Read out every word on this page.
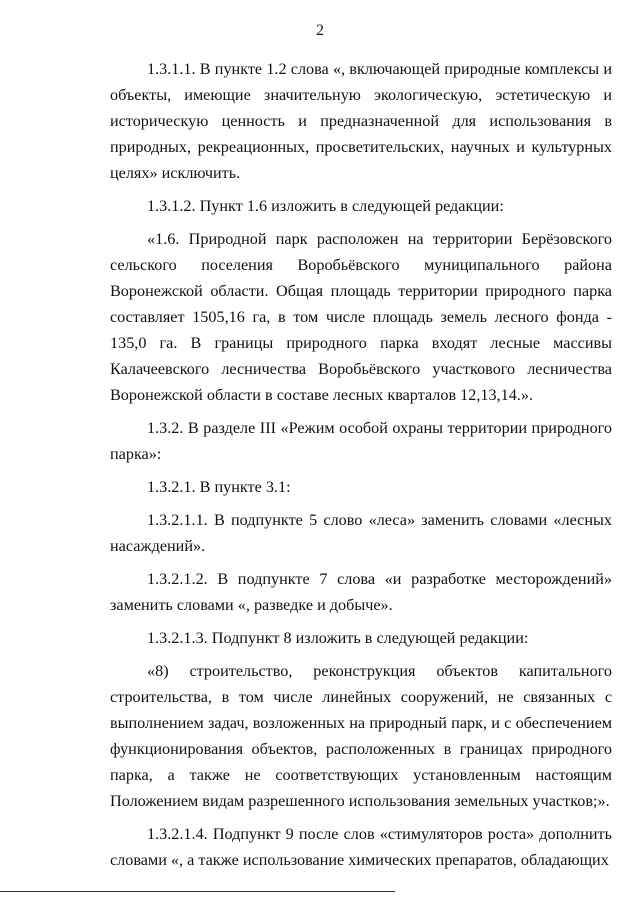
2

1.3.1.1. В пункте 1.2 слова «, включающей природные комплексы и объекты, имеющие значительную экологическую, эстетическую и историческую ценность и предназначенной для использования в природных, рекреационных, просветительских, научных и культурных целях» исключить.

1.3.1.2. Пункт 1.6 изложить в следующей редакции:

«1.6. Природной парк расположен на территории Берёзовского сельского поселения Воробьёвского муниципального района Воронежской области. Общая площадь территории природного парка составляет 1505,16 га, в том числе площадь земель лесного фонда - 135,0 га. В границы природного парка входят лесные массивы Калачеевского лесничества Воробьёвского участкового лесничества Воронежской области в составе лесных кварталов 12,13,14.».

1.3.2. В разделе III «Режим особой охраны территории природного парка»:

1.3.2.1. В пункте 3.1:

1.3.2.1.1. В подпункте 5 слово «леса» заменить словами «лесных насаждений».

1.3.2.1.2. В подпункте 7 слова «и разработке месторождений» заменить словами «, разведке и добыче».

1.3.2.1.3. Подпункт 8 изложить в следующей редакции:

«8) строительство, реконструкция объектов капитального строительства, в том числе линейных сооружений, не связанных с выполнением задач, возложенных на природный парк, и с обеспечением функционирования объектов, расположенных в границах природного парка, а также не соответствующих установленным настоящим Положением видам разрешенного использования земельных участков;».

1.3.2.1.4. Подпункт 9 после слов «стимуляторов роста» дополнить словами «, а также использование химических препаратов, обладающих
